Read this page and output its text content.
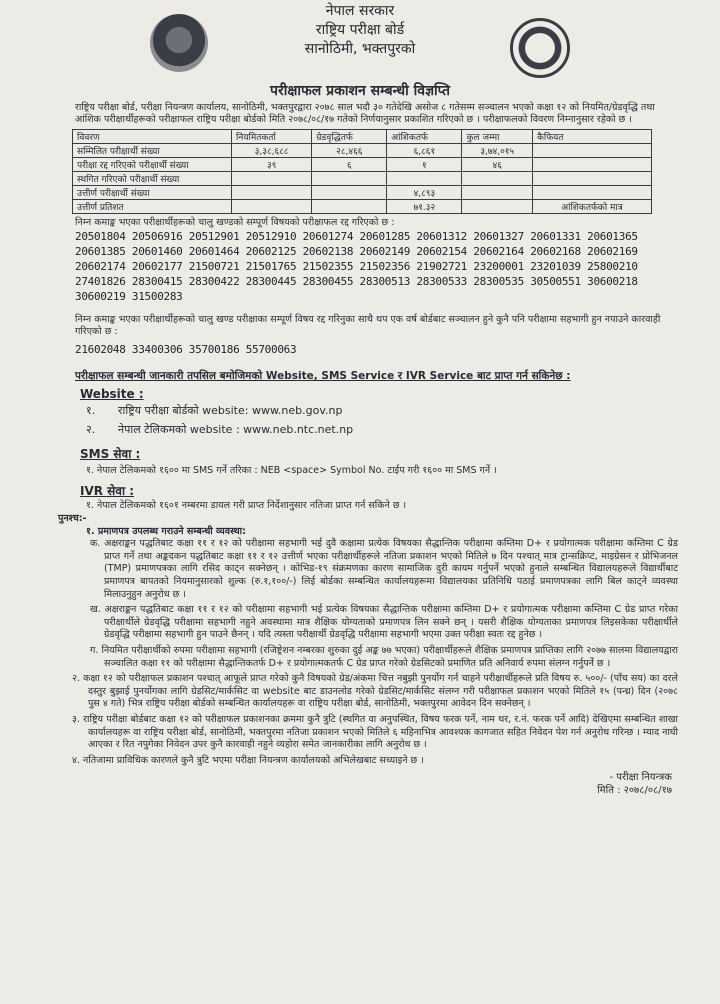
नेपाल सरकार
राष्ट्रिय परीक्षा बोर्ड
सानोठिमी, भक्तपुरको
परीक्षाफल प्रकाशन सम्बन्धी विज्ञप्ति
राष्ट्रिय परीक्षा बोर्ड, परीक्षा नियन्त्रण कार्यालय, सानोठिमी, भक्तपुरद्वारा २०७८ साल भदौ ३० गतेदेखि असोज ८ गतेसम्म सञ्चालन भएको कक्षा १२ को नियमित/ग्रेडवृद्धि तथा आंशिक परीक्षार्थीहरूको परीक्षाफल राष्ट्रिय परीक्षा बोर्डको मिति २०७८/०८/१७ गतेको निर्णयानुसार प्रकाशित गरिएको छ । परीक्षाफलको विवरण निम्नानुसार रहेको छ ।
विवरण	नियमितकर्ता	ग्रेडवृद्धितर्फ	आंशिकतर्फ	कुल जम्मा	कैफियत
सम्मिलित परीक्षार्थी संख्या	३,३८,६८८	२८,४६६	६,८६१	३,७४,०१५	
परीक्षा रद्द गरिएको परीक्षार्थी संख्या	३९	६	१	४६	
स्थगित गरिएको परीक्षार्थी संख्या					
उत्तीर्ण परीक्षार्थी संख्या			४,८९३		
उत्तीर्ण प्रतिशत			७१.३२		आंशिकतर्फको मात्र
निम्न कमाङ्क भएका परीक्षार्थीहरूको चालु खण्डको सम्पूर्ण विषयको परीक्षाफल रद्द गरिएको छ :
20501804 20506916 20512901 20512910 20601274 20601285 20601312 20601327 20601331 20601365
20601385 20601460 20601464 20602125 20602138 20602149 20602154 20602164 20602168 20602169
20602174 20602177 21500721 21501765 21502355 21502356 21902721 23200001 23201039 25800210
27401826 28300415 28300422 28300445 28300455 28300513 28300533 28300535 30500551 30600218
30600219 31500283
निम्न कमाङ्क भएका परीक्षार्थीहरूको चालु खण्ड परीक्षाका सम्पूर्ण विषय रद्द गरिनुका साथै थप एक वर्ष बोर्डबाट सञ्चालन हुने कुनै पनि परीक्षामा सहभागी हुन नपाउने कारवाही गरिएको छ :
21602048 33400306 35700186 55700063
परीक्षाफल सम्बन्धी जानकारी तपसिल बमोजिमको Website, SMS Service र IVR Service बाट प्राप्त गर्न सकिनेछ :
Website :
१. राष्ट्रिय परीक्षा बोर्डको website: www.neb.gov.np
२. नेपाल टेलिकमको website : www.neb.ntc.net.np
SMS सेवा :
१. नेपाल टेलिकमको १६०० मा SMS गर्ने तरिका : NEB <space> Symbol No. टाईप गरी १६०० मा SMS गर्ने ।
IVR सेवा :
१. नेपाल टेलिकमको १६०१ नम्बरमा डायल गरी प्राप्त निर्देशानुसार नतिजा प्राप्त गर्न सकिने छ ।
पुनश्च:-
१. प्रमाणपत्र उपलब्ध गराउने सम्बन्धी व्यवस्था:
क. अक्षराङ्कन पद्धतिबाट कक्षा ११ र १२ को परीक्षामा सहभागी भई दुवै कक्षामा प्रत्येक विषयका सैद्धान्तिक परीक्षामा कम्तिमा D+ र प्रयोगात्मक परीक्षामा कम्तिमा C ग्रेड प्राप्त गर्ने तथा अङ्कदकन पद्धतिबाट कक्षा ११ र १२ उत्तीर्ण भएका परीक्षार्थीहरूले नतिजा प्रकाशन भएको मितिले ७ दिन पश्चात् मात्र ट्रान्सक्रिप्ट, माइग्रेसन र प्रोभिजनल (TMP) प्रमाणपत्रका लागि रसिद काट्न सक्नेछन् । कोभिड-१९ संक्रमणका कारण सामाजिक दुरी कायम गर्नुपर्ने भएको हुनाले सम्बन्धित विद्यालयहरूले विद्यार्थीबाट प्रमाणपत्र बापतको नियमानुसारको शुल्क (रु.१,१००/-) लिई बोर्डका सम्बन्धित कार्यालयहरूमा विद्यालयका प्रतिनिधि पठाई प्रमाणपत्रका लागि बिल काट्ने व्यवस्था मिलाउनुहुन अनुरोध छ ।
ख. अक्षराङ्कन पद्धतिबाट कक्षा ११ र १२ को परीक्षामा सहभागी भई प्रत्येक विषयका सैद्धान्तिक परीक्षामा कम्तिमा D+ र प्रयोगात्मक परीक्षामा कम्तिमा C ग्रेड प्राप्त गरेका परीक्षार्थीले ग्रेडवृद्धि परीक्षामा सहभागी नहुने अवस्थामा मात्र शैक्षिक योग्यताको प्रमाणपत्र लिन सक्ने छन् । यसरी शैक्षिक योग्यताका प्रमाणपत्र लिइसकेका परीक्षार्थीले ग्रेडवृद्धि परीक्षामा सहभागी हुन पाउने छैनन् । यदि त्यस्ता परीक्षार्थी ग्रेडवृद्धि परीक्षामा सहभागी भएमा उक्त परीक्षा स्वतः रद्द हुनेछ ।
ग. नियमित परीक्षार्थीको रुपमा परीक्षामा सहभागी (रजिष्ट्रेशन नम्बरका शुरुका दुई अङ्क ७७ भएका) परीक्षार्थीहरूले शैक्षिक प्रमाणपत्र प्राप्तिका लागि २०७७ सालमा विद्यालयद्वारा सञ्चालित कक्षा ११ को परीक्षामा सैद्धान्तिकतर्फ D+ र प्रयोगात्मकतर्फ C ग्रेड प्राप्त गरेको ग्रेडसिटको प्रमाणित प्रति अनिवार्य रुपमा संलग्न गर्नुपर्ने छ ।
२. कक्षा १२ को परीक्षाफल प्रकाशन पश्चात् आफूले प्राप्त गरेको कुनै विषयको ग्रेड/अंकमा चित्त नबुझी पुनर्योग गर्न चाहने परीक्षार्थीहरूले प्रति विषय रु. ५००/- (पाँच सय) का दरले दस्तुर बुझाई पुनर्योगका लागि ग्रेडसिट/मार्कसिट वा website बाट डाउनलोड गरेको ग्रेडसिट/मार्कसिट संलग्न गरी परीक्षाफल प्रकाशन भएको मितिले १५ (पन्ध्र) दिन (२०७८ पुस ४ गते) भित्र राष्ट्रिय परीक्षा बोर्डको सम्बन्धित कार्यालयहरू वा राष्ट्रिय परीक्षा बोर्ड, सानोठिमी, भक्तपुरमा आवेदन दिन सक्नेछन् ।
३. राष्ट्रिय परीक्षा बोर्डबाट कक्षा १२ को परीक्षाफल प्रकाशनका क्रममा कुनै त्रुटि (स्थगित वा अनुपस्थित, विषय फरक पर्ने, नाम थर, र.नं. फरक पर्ने आदि) देखिएमा सम्बन्धित शाखा कार्यालयहरू वा राष्ट्रिय परीक्षा बोर्ड, सानोठिमी, भक्तपुरमा नतिजा प्रकाशन भएको मितिले ६ महिनाभित्र आवश्यक कागजात सहित निवेदन पेश गर्न अनुरोध गरिन्छ । म्याद नाघी आएका र रित नपुगेका निवेदन उपर कुनै कारवाही नहुने व्यहोरा समेत जानकारीका लागि अनुरोध छ ।
४. नतिजामा प्राविधिक कारणले कुनै त्रुटि भएमा परीक्षा नियन्त्रण कार्यालयको अभिलेखबाट सच्याइने छ ।
- परीक्षा नियन्त्रक
मिति : २०७८/०८/१७
